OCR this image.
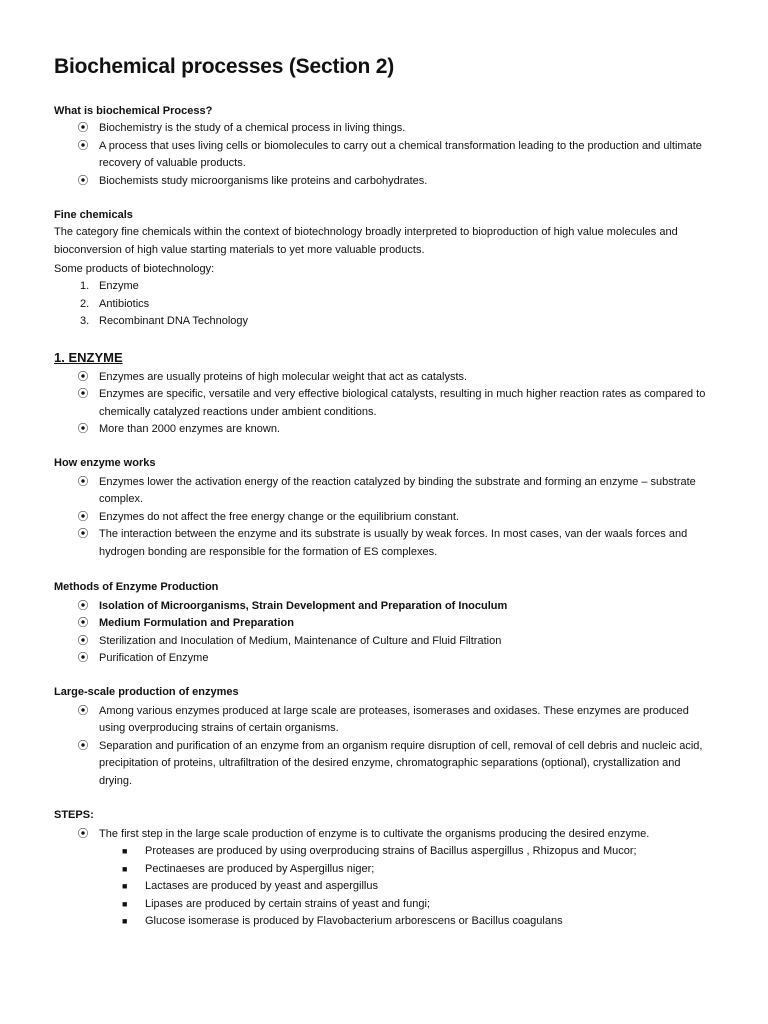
Biochemical processes (Section 2)
What is biochemical Process?
⦿ Biochemistry is the study of a chemical process in living things.
⦿ A process that uses living cells or biomolecules to carry out a chemical transformation leading to the production and ultimate recovery of valuable products.
⦿ Biochemists study microorganisms like proteins and carbohydrates.
Fine chemicals
The category fine chemicals within the context of biotechnology broadly interpreted to bioproduction of high value molecules and bioconversion of high value starting materials to yet more valuable products.
Some products of biotechnology:
1. Enzyme
2. Antibiotics
3. Recombinant DNA Technology
1. ENZYME
⦿ Enzymes are usually proteins of high molecular weight that act as catalysts.
⦿ Enzymes are specific, versatile and very effective biological catalysts, resulting in much higher reaction rates as compared to chemically catalyzed reactions under ambient conditions.
⦿ More than 2000 enzymes are known.
How enzyme works
⦿ Enzymes lower the activation energy of the reaction catalyzed by binding the substrate and forming an enzyme – substrate complex.
⦿ Enzymes do not affect the free energy change or the equilibrium constant.
⦿ The interaction between the enzyme and its substrate is usually by weak forces. In most cases, van der waals forces and hydrogen bonding are responsible for the formation of ES complexes.
Methods of Enzyme Production
⦿ Isolation of Microorganisms, Strain Development and Preparation of Inoculum
⦿ Medium Formulation and Preparation
⦿ Sterilization and Inoculation of Medium, Maintenance of Culture and Fluid Filtration
⦿ Purification of Enzyme
Large-scale production of enzymes
⦿ Among various enzymes produced at large scale are proteases, isomerases and oxidases. These enzymes are produced using overproducing strains of certain organisms.
⦿ Separation and purification of an enzyme from an organism require disruption of cell, removal of cell debris and nucleic acid, precipitation of proteins, ultrafiltration of the desired enzyme, chromatographic separations (optional), crystallization and drying.
STEPS:
⦿ The first step in the large scale production of enzyme is to cultivate the organisms producing the desired enzyme.
■ Proteases are produced by using overproducing strains of Bacillus aspergillus , Rhizopus and Mucor;
■ Pectinaeses are produced by Aspergillus niger;
■ Lactases are produced by yeast and aspergillus
■ Lipases are produced by certain strains of yeast and fungi;
■ Glucose isomerase is produced by Flavobacterium arborescens or Bacillus coagulans
